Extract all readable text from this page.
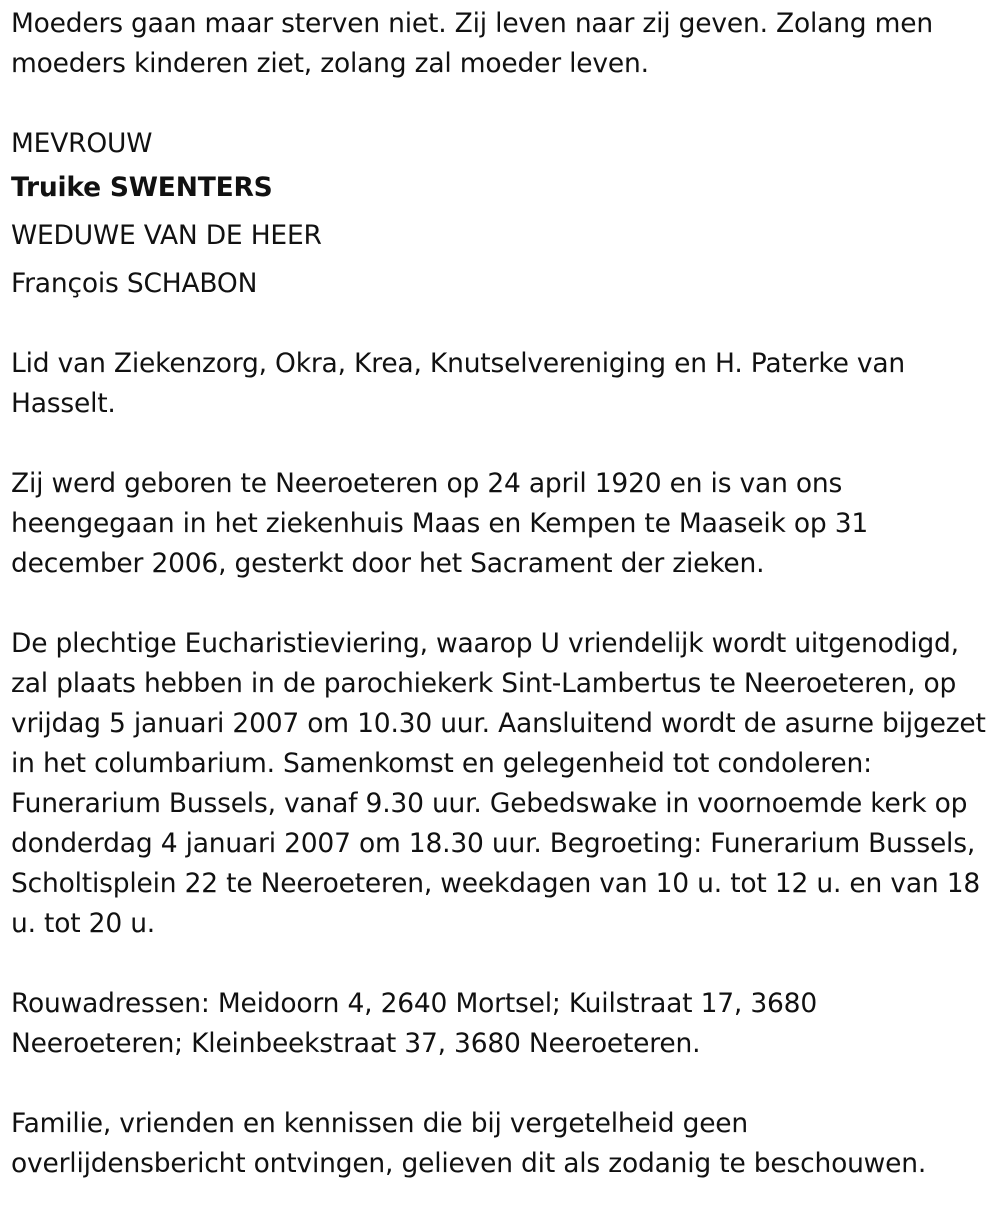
Moeders gaan maar sterven niet. Zij leven naar zij geven. Zolang men moeders kinderen ziet, zolang zal moeder leven.

MEVROUW

Truike SWENTERS

WEDUWE VAN DE HEER

François SCHABON

Lid van Ziekenzorg, Okra, Krea, Knutselvereniging en H. Paterke van Hasselt.

Zij werd geboren te Neeroeteren op 24 april 1920 en is van ons heengegaan in het ziekenhuis Maas en Kempen te Maaseik op 31 december 2006, gesterkt door het Sacrament der zieken.

De plechtige Eucharistieviering, waarop U vriendelijk wordt uitgenodigd, zal plaats hebben in de parochiekerk Sint-Lambertus te Neeroeteren, op vrijdag 5 januari 2007 om 10.30 uur. Aansluitend wordt de asurne bijgezet in het columbarium. Samenkomst en gelegenheid tot condoleren: Funerarium Bussels, vanaf 9.30 uur. Gebedswake in voornoemde kerk op donderdag 4 januari 2007 om 18.30 uur. Begroeting: Funerarium Bussels, Scholtisplein 22 te Neeroeteren, weekdagen van 10 u. tot 12 u. en van 18 u. tot 20 u.

Rouwadressen: Meidoorn 4, 2640 Mortsel; Kuilstraat 17, 3680 Neeroeteren; Kleinbeekstraat 37, 3680 Neeroeteren.

Familie, vrienden en kennissen die bij vergetelheid geen overlijdensbericht ontvingen, gelieven dit als zodanig te beschouwen.
